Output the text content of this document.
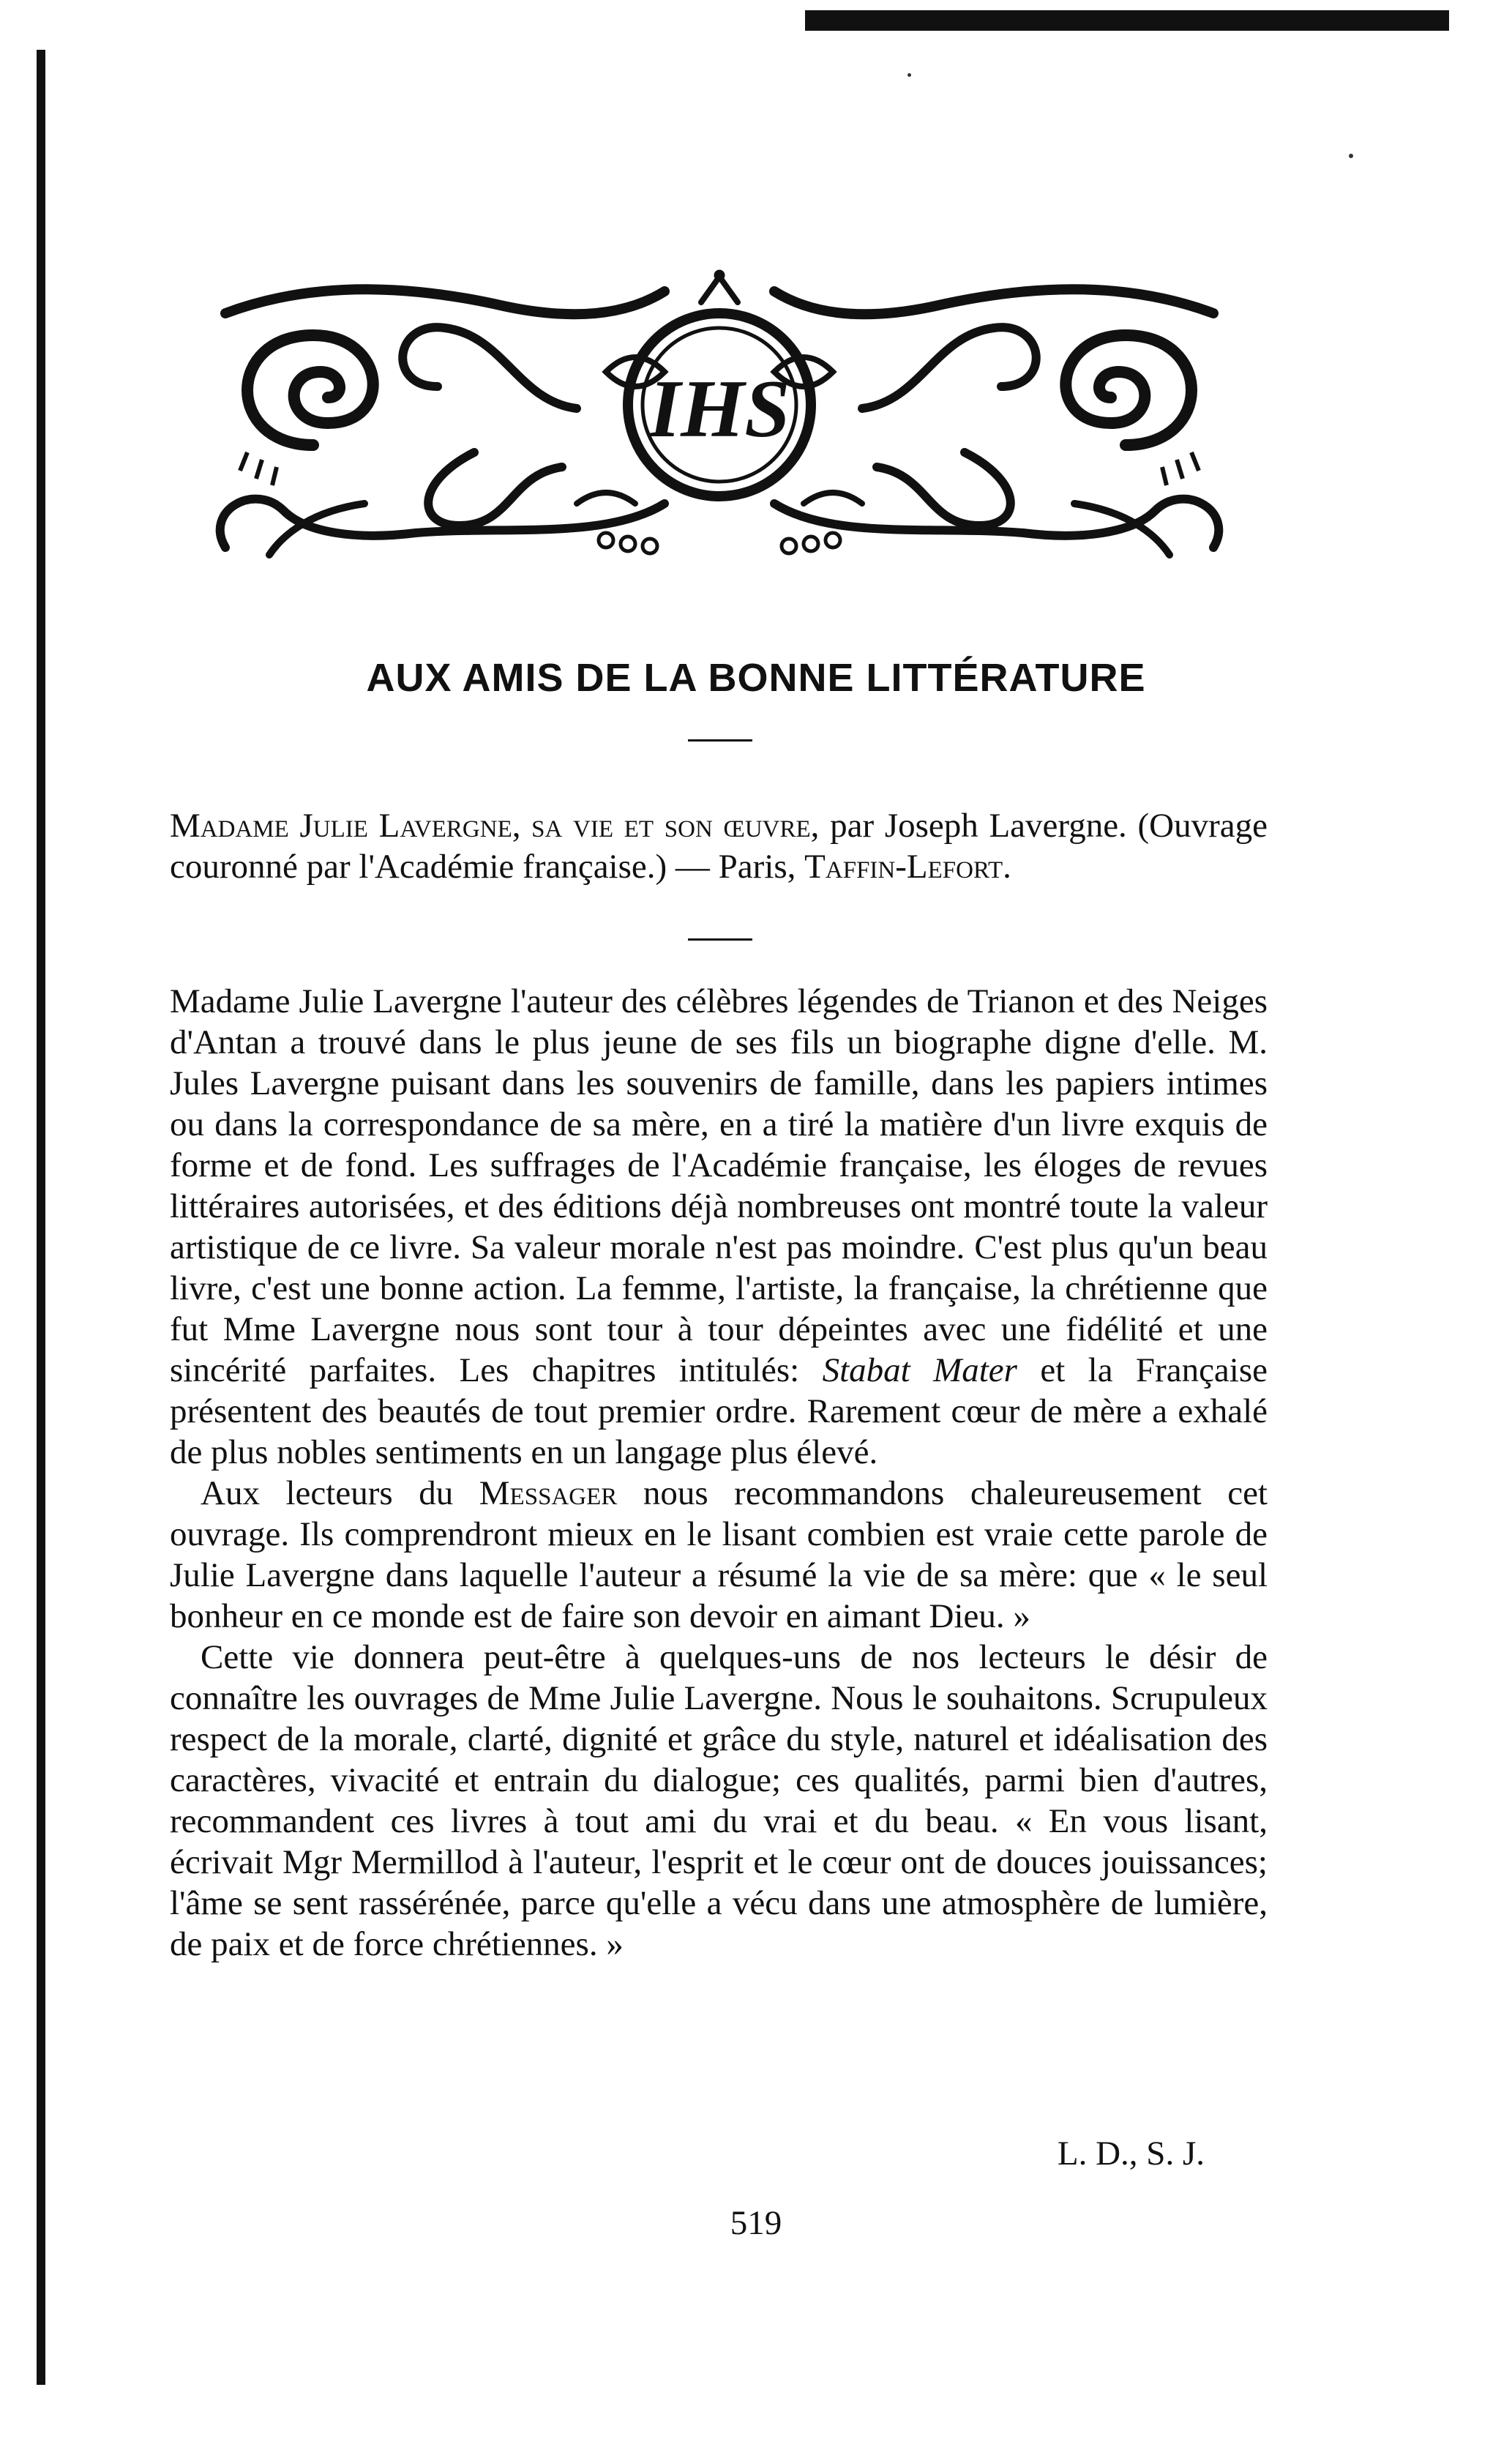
IHS
AUX AMIS DE LA BONNE LITTÉRATURE

Madame Julie Lavergne, sa vie et son œuvre, par Joseph Lavergne. (Ouvrage couronné par l'Académie française.) — Paris, Taffin-Lefort.

Madame Julie Lavergne l'auteur des célèbres légendes de Trianon et des Neiges d'Antan a trouvé dans le plus jeune de ses fils un biographe digne d'elle. M. Jules Lavergne puisant dans les souvenirs de famille, dans les papiers intimes ou dans la correspondance de sa mère, en a tiré la matière d'un livre exquis de forme et de fond. Les suffrages de l'Académie française, les éloges de revues littéraires autorisées, et des éditions déjà nombreuses ont montré toute la valeur artistique de ce livre. Sa valeur morale n'est pas moindre. C'est plus qu'un beau livre, c'est une bonne action. La femme, l'artiste, la française, la chrétienne que fut Mme Lavergne nous sont tour à tour dépeintes avec une fidélité et une sincérité parfaites. Les chapitres intitulés: Stabat Mater et la Française présentent des beautés de tout premier ordre. Rarement cœur de mère a exhalé de plus nobles sentiments en un langage plus élevé.

Aux lecteurs du Messager nous recommandons chaleureusement cet ouvrage. Ils comprendront mieux en le lisant combien est vraie cette parole de Julie Lavergne dans laquelle l'auteur a résumé la vie de sa mère: que « le seul bonheur en ce monde est de faire son devoir en aimant Dieu. »

Cette vie donnera peut-être à quelques-uns de nos lecteurs le désir de connaître les ouvrages de Mme Julie Lavergne. Nous le souhaitons. Scrupuleux respect de la morale, clarté, dignité et grâce du style, naturel et idéalisation des caractères, vivacité et entrain du dialogue; ces qualités, parmi bien d'autres, recommandent ces livres à tout ami du vrai et du beau. « En vous lisant, écrivait Mgr Mermillod à l'auteur, l'esprit et le cœur ont de douces jouissances; l'âme se sent rassérénée, parce qu'elle a vécu dans une atmosphère de lumière, de paix et de force chrétiennes. »

L. D., S. J.
519
